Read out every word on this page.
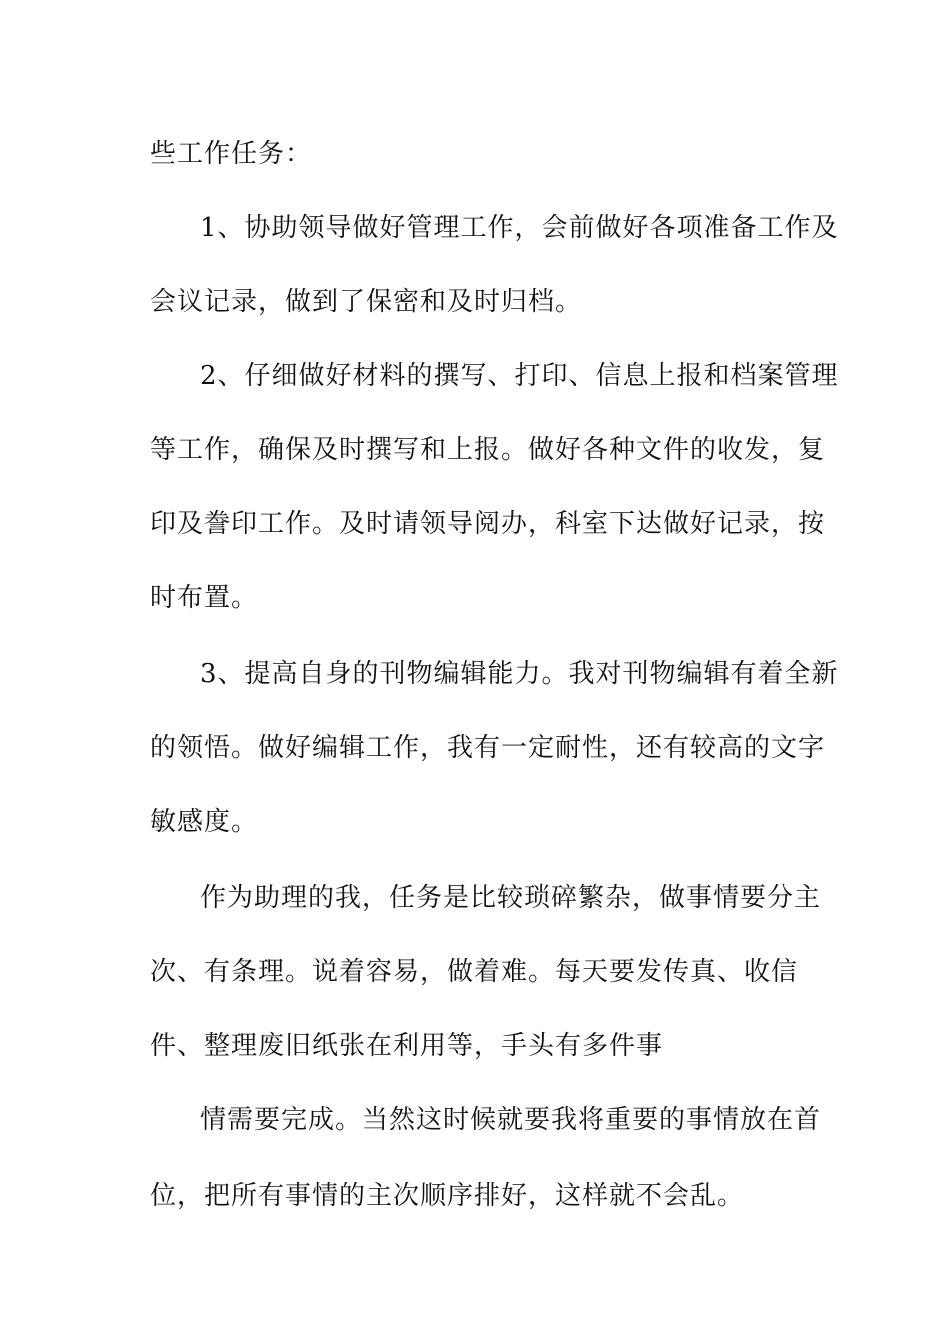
些工作任务：
1、协助领导做好管理工作，会前做好各项准备工作及
会议记录，做到了保密和及时归档。
2、仔细做好材料的撰写、打印、信息上报和档案管理
等工作，确保及时撰写和上报。做好各种文件的收发，复
印及誊印工作。及时请领导阅办，科室下达做好记录，按
时布置。
3、提高自身的刊物编辑能力。我对刊物编辑有着全新
的领悟。做好编辑工作，我有一定耐性，还有较高的文字
敏感度。
作为助理的我，任务是比较琐碎繁杂，做事情要分主
次、有条理。说着容易，做着难。每天要发传真、收信
件、整理废旧纸张在利用等，手头有多件事
情需要完成。当然这时候就要我将重要的事情放在首
位，把所有事情的主次顺序排好，这样就不会乱。
